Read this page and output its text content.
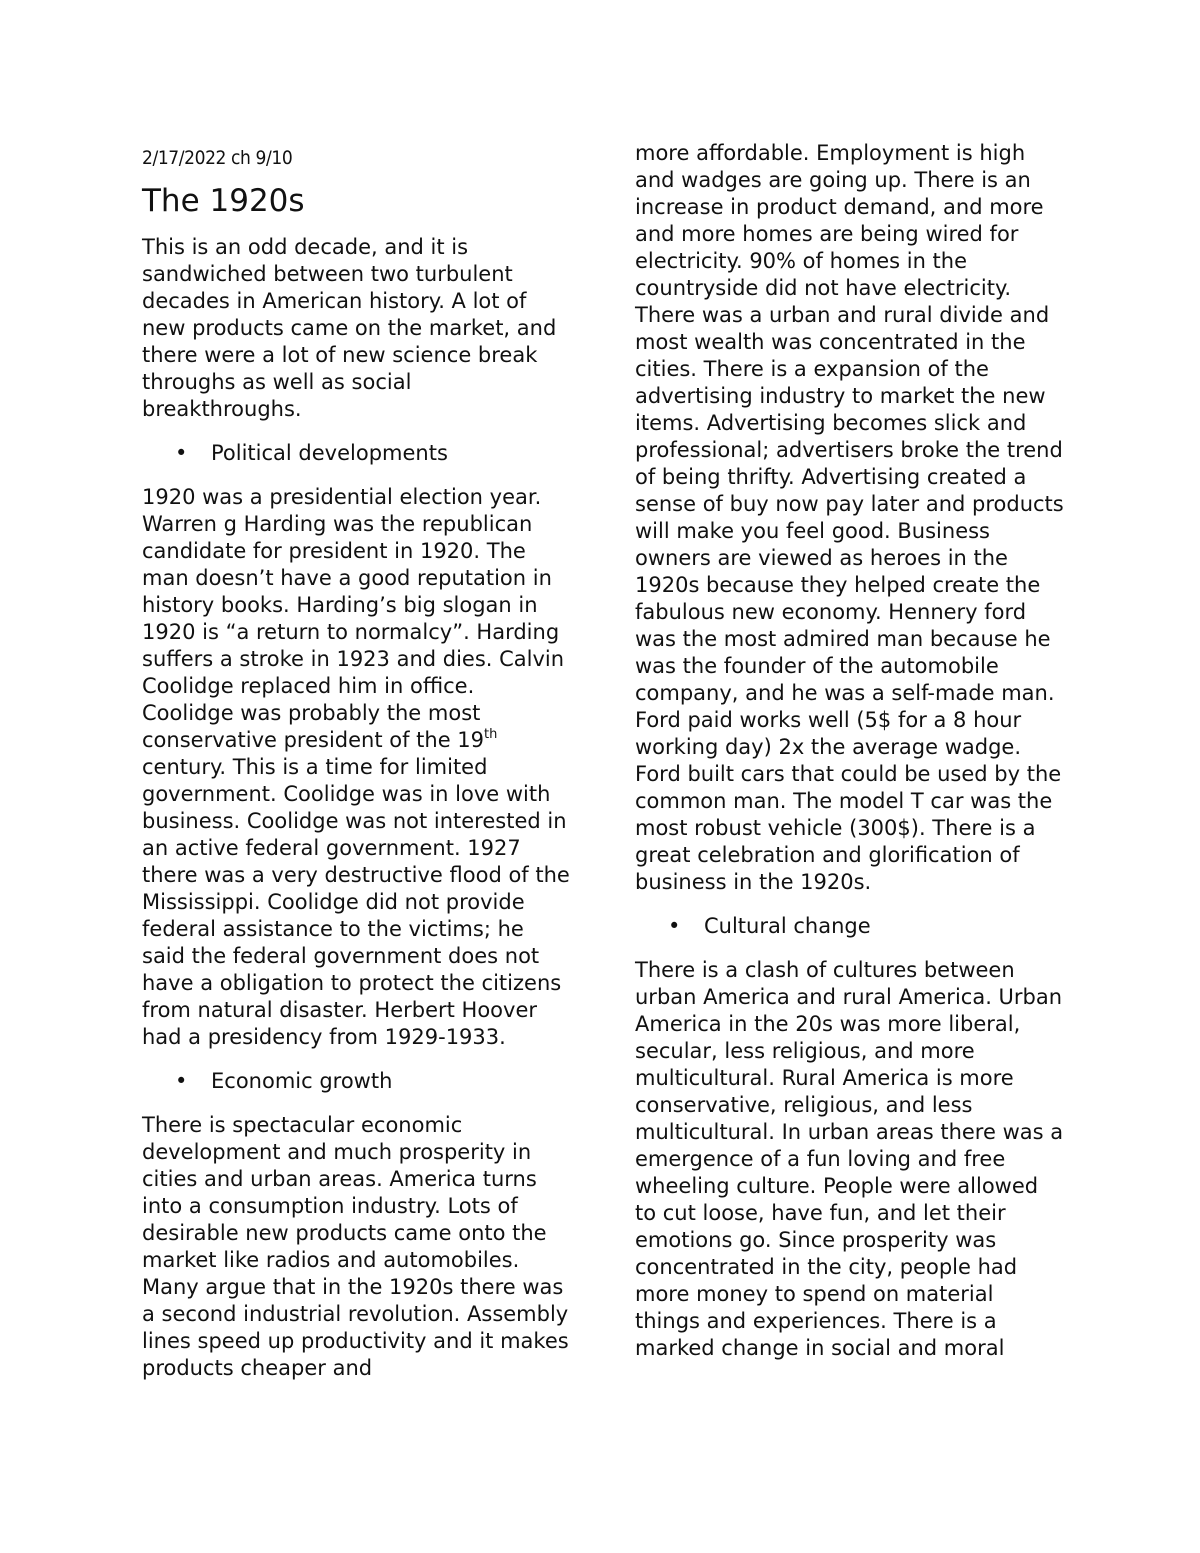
2/17/2022 ch 9/10
The 1920s

This is an odd decade, and it is sandwiched between two turbulent decades in American history. A lot of new products came on the market, and there were a lot of new science break throughs as well as social breakthroughs.

• Political developments

1920 was a presidential election year. Warren g Harding was the republican candidate for president in 1920. The man doesn’t have a good reputation in history books. Harding’s big slogan in 1920 is “a return to normalcy”. Harding suffers a stroke in 1923 and dies. Calvin Coolidge replaced him in office. Coolidge was probably the most conservative president of the 19th century. This is a time for limited government. Coolidge was in love with business. Coolidge was not interested in an active federal government. 1927 there was a very destructive flood of the Mississippi. Coolidge did not provide federal assistance to the victims; he said the federal government does not have a obligation to protect the citizens from natural disaster. Herbert Hoover had a presidency from 1929-1933.

• Economic growth

There is spectacular economic development and much prosperity in cities and urban areas. America turns into a consumption industry. Lots of desirable new products came onto the market like radios and automobiles. Many argue that in the 1920s there was a second industrial revolution. Assembly lines speed up productivity and it makes products cheaper and

more affordable. Employment is high and wadges are going up. There is an increase in product demand, and more and more homes are being wired for electricity. 90% of homes in the countryside did not have electricity. There was a urban and rural divide and most wealth was concentrated in the cities. There is a expansion of the advertising industry to market the new items. Advertising becomes slick and professional; advertisers broke the trend of being thrifty. Advertising created a sense of buy now pay later and products will make you feel good. Business owners are viewed as heroes in the 1920s because they helped create the fabulous new economy. Hennery ford was the most admired man because he was the founder of the automobile company, and he was a self-made man. Ford paid works well (5$ for a 8 hour working day) 2x the average wadge. Ford built cars that could be used by the common man. The model T car was the most robust vehicle (300$). There is a great celebration and glorification of business in the 1920s.

• Cultural change

There is a clash of cultures between urban America and rural America. Urban America in the 20s was more liberal, secular, less religious, and more multicultural. Rural America is more conservative, religious, and less multicultural. In urban areas there was a emergence of a fun loving and free wheeling culture. People were allowed to cut loose, have fun, and let their emotions go. Since prosperity was concentrated in the city, people had more money to spend on material things and experiences. There is a marked change in social and moral
